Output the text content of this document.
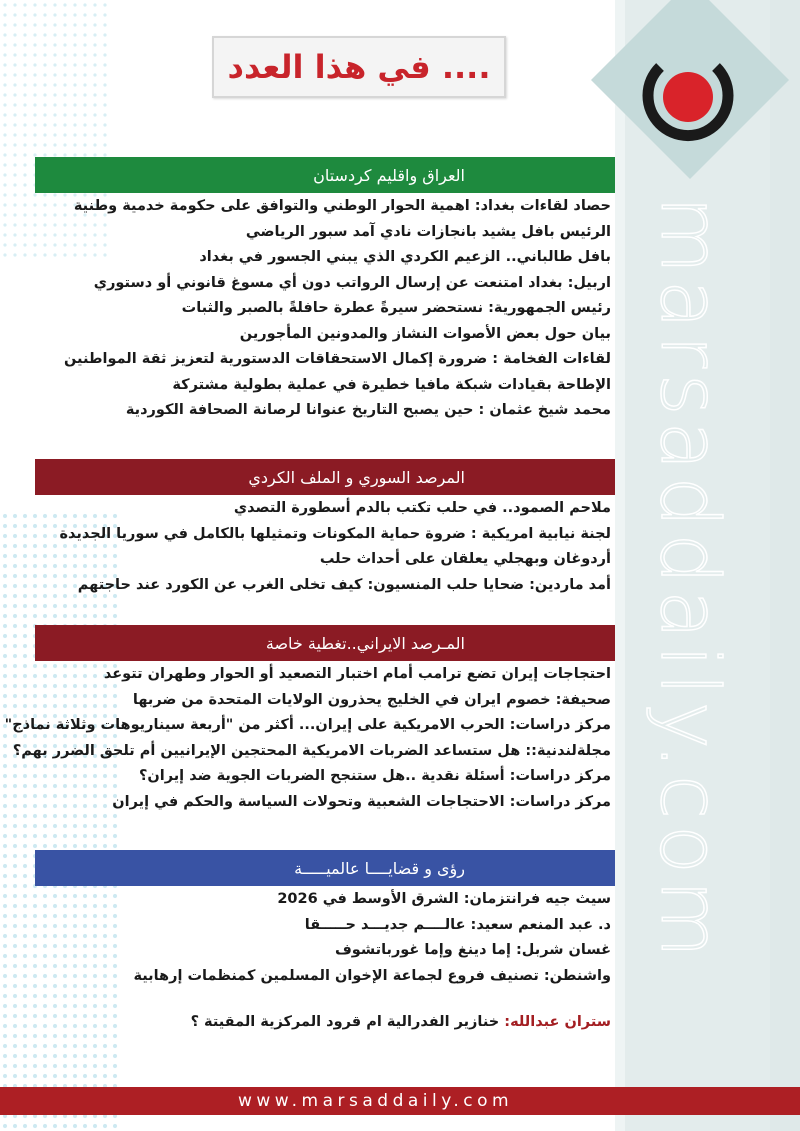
marsaddaily.com
في هذا العدد ....
العراق واقليم كردستان
حصاد لقاءات بغداد: اهمية الحوار الوطني والتوافق على حكومة خدمية وطنية
الرئيس بافل يشيد بانجازات نادي آمد سبور الرياضي
بافل طالباني.. الزعيم الكردي الذي يبني الجسور في بغداد
اربيل: بغداد امتنعت عن إرسال الرواتب دون أي مسوغ قانوني أو دستوري
رئيس الجمهورية: نستحضر سيرةً عطرة حافلةً بالصبر والثبات
بيان حول بعض الأصوات النشاز والمدونين المأجورين
لقاءات الفخامة : ضرورة إكمال الاستحقاقات الدستورية لتعزيز ثقة المواطنين
الإطاحة بقيادات شبكة مافيا خطيرة في عملية بطولية مشتركة
محمد شيخ عثمان : حين يصبح التاريخ عنوانا لرصانة الصحافة الكوردية
المرصد السوري و الملف الكردي
ملاحم الصمود.. في حلب تكتب بالدم أسطورة التصدي
لجنة نيابية امريكية : ضروة حماية المكونات وتمثيلها بالكامل في سوريا الجديدة
أردوغان وبهجلي يعلقان على أحداث حلب
أمد ماردين: ضحايا حلب المنسيون: كيف تخلى الغرب عن الكورد عند حاجتهم
المـرصد الايراني..تغطية خاصة
احتجاجات إيران تضع ترامب أمام اختبار التصعيد أو الحوار وطهران تتوعد
صحيفة: خصوم ايران في الخليج يحذرون الولايات المتحدة من ضربها
مركز دراسات: الحرب الامريكية على إيران... أكثر من "أربعة سيناريوهات وثلاثة نماذج"
مجلةلندنية:: هل ستساعد الضربات الامريكية المحتجين الإيرانيين أم تلحق الضرر بهم؟
مركز دراسات: أسئلة نقدية ..هل ستنجح الضربات الجوية ضد إيران؟
مركز دراسات: الاحتجاجات الشعبية وتحولات السياسة والحكم في إيران
رؤى و قضايــــا عالميـــــة
سيث جيه فرانتزمان: الشرق الأوسط في 2026
د. عبد المنعم سعيد: عالــــم جديـــد حـــــقا
غسان شربل: إما دينغ وإما غورباتشوف
واشنطن: تصنيف فروع لجماعة الإخوان المسلمين كمنظمات إرهابية
ستران عبدالله: خنازير الفدرالية ام قرود المركزية المقيتة ؟
www.marsaddaily.com
